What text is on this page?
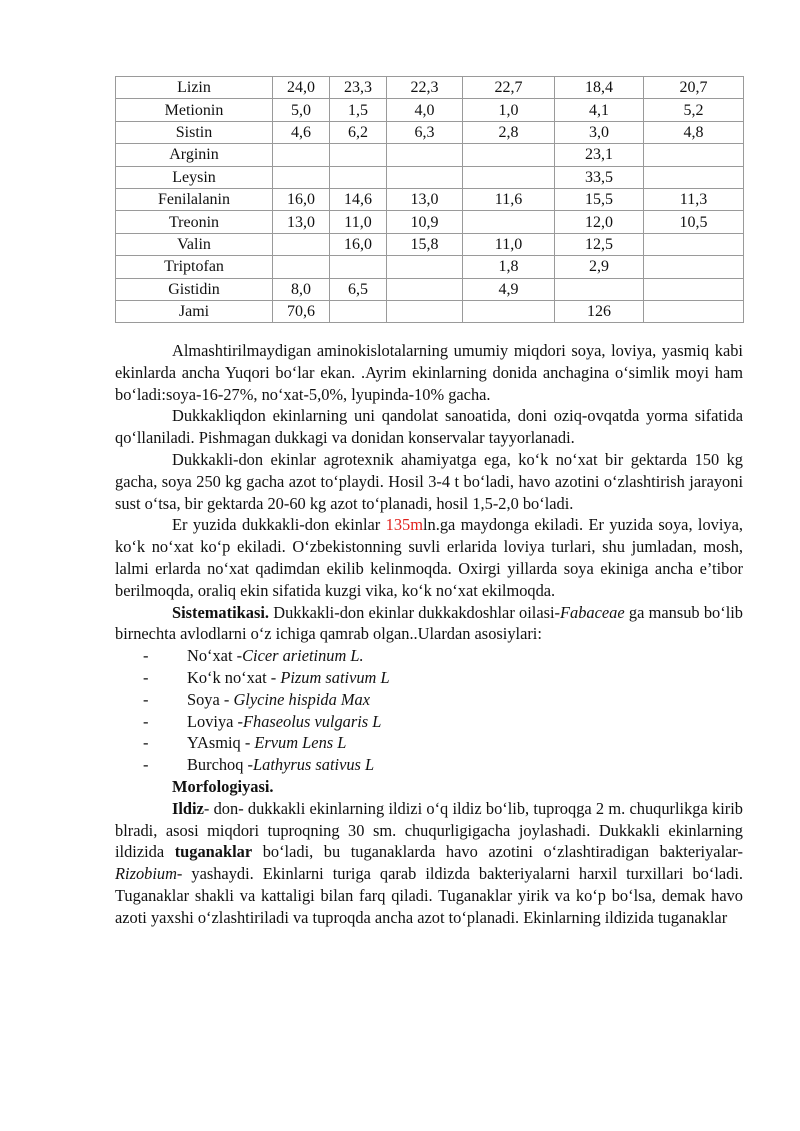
Lizin	24,0	23,3	22,3	22,7	18,4	20,7
Metionin	5,0	1,5	4,0	1,0	4,1	5,2
Sistin	4,6	6,2	6,3	2,8	3,0	4,8
Arginin					23,1	
Leysin					33,5	
Fenilalanin	16,0	14,6	13,0	11,6	15,5	11,3
Treonin	13,0	11,0	10,9		12,0	10,5
Valin		16,0	15,8	11,0	12,5	
Triptofan				1,8	2,9	
Gistidin	8,0	6,5		4,9		
Jami	70,6				126	

Almashtirilmaydigan aminokislotalarning umumiy miqdori soya, loviya, yasmiq kabi ekinlarda ancha Yuqori bo‘lar ekan. .Ayrim ekinlarning donida anchagina o‘simlik moyi ham bo‘ladi:soya-16-27%, no‘xat-5,0%, lyupinda-10% gacha.

Dukkakliqdon ekinlarning uni qandolat sanoatida, doni oziq-ovqatda yorma sifatida qo‘llaniladi. Pishmagan dukkagi va donidan konservalar tayyorlanadi.

Dukkakli-don ekinlar agrotexnik ahamiyatga ega, ko‘k no‘xat bir gektarda 150 kg gacha, soya 250 kg gacha azot to‘playdi. Hosil 3-4 t bo‘ladi, havo azotini o‘zlashtirish jarayoni sust o‘tsa, bir gektarda 20-60 kg azot to‘planadi, hosil 1,5-2,0 bo‘ladi.

Er yuzida dukkakli-don ekinlar 135mln.ga maydonga ekiladi. Er yuzida soya, loviya, ko‘k no‘xat ko‘p ekiladi. O‘zbekistonning suvli erlarida loviya turlari, shu jumladan, mosh, lalmi erlarda no‘xat qadimdan ekilib kelinmoqda. Oxirgi yillarda soya ekiniga ancha e’tibor berilmoqda, oraliq ekin sifatida kuzgi vika, ko‘k no‘xat ekilmoqda.

Sistematikasi. Dukkakli-don ekinlar dukkakdoshlar oilasi-Fabaceae ga mansub bo‘lib birnechta avlodlarni o‘z ichiga qamrab olgan..Ulardan asosiylari:

- No‘xat -Cicer arietinum L.
- Ko‘k no‘xat - Pizum sativum L
- Soya - Glycine hispida Max
- Loviya -Fhaseolus vulgaris L
- YAsmiq - Ervum Lens L
- Burchoq -Lathyrus sativus L

Morfologiyasi.

Ildiz- don- dukkakli ekinlarning ildizi o‘q ildiz bo‘lib, tuproqga 2 m. chuqurlikga kirib blradi, asosi miqdori tuproqning 30 sm. chuqurligigacha joylashadi. Dukkakli ekinlarning ildizida tuganaklar bo‘ladi, bu tuganaklarda havo azotini o‘zlashtiradigan bakteriyalar-Rizobium- yashaydi. Ekinlarni turiga qarab ildizda bakteriyalarni harxil turxillari bo‘ladi. Tuganaklar shakli va kattaligi bilan farq qiladi. Tuganaklar yirik va ko‘p bo‘lsa, demak havo azoti yaxshi o‘zlashtiriladi va tuproqda ancha azot to‘planadi. Ekinlarning ildizida tuganaklar
